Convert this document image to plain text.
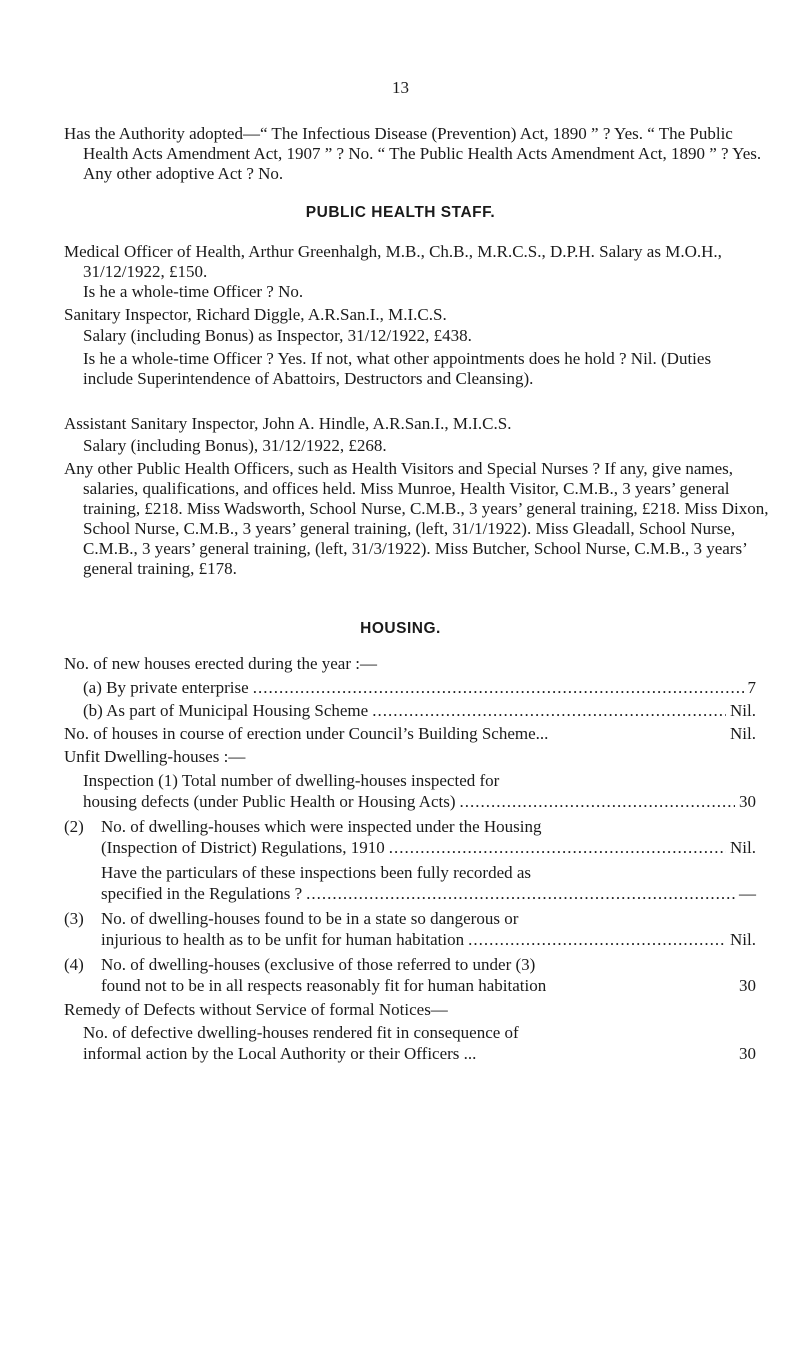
13
Has the Authority adopted—“ The Infectious Disease (Prevention) Act, 1890 ” ? Yes. “ The Public Health Acts Amendment Act, 1907 ” ? No. “ The Public Health Acts Amendment Act, 1890 ” ? Yes. Any other adoptive Act ? No.
PUBLIC HEALTH STAFF.
Medical Officer of Health, Arthur Greenhalgh, M.B., Ch.B., M.R.C.S., D.P.H. Salary as M.O.H., 31/12/1922, £150.
Is he a whole-time Officer ? No.
Sanitary Inspector, Richard Diggle, A.R.San.I., M.I.C.S.
Salary (including Bonus) as Inspector, 31/12/1922, £438.
Is he a whole-time Officer ? Yes. If not, what other appointments does he hold ? Nil. (Duties include Superintendence of Abattoirs, Destructors and Cleansing).
Assistant Sanitary Inspector, John A. Hindle, A.R.San.I., M.I.C.S.
Salary (including Bonus), 31/12/1922, £268.
Any other Public Health Officers, such as Health Visitors and Special Nurses ? If any, give names, salaries, qualifications, and offices held. Miss Munroe, Health Visitor, C.M.B., 3 years’ general training, £218. Miss Wadsworth, School Nurse, C.M.B., 3 years’ general training, £218. Miss Dixon, School Nurse, C.M.B., 3 years’ general training, (left, 31/1/1922). Miss Gleadall, School Nurse, C.M.B., 3 years’ general training, (left, 31/3/1922). Miss Butcher, School Nurse, C.M.B., 3 years’ general training, £178.
HOUSING.
No. of new houses erected during the year :—
(a) By private enterprise .....	7
(b) As part of Municipal Housing Scheme .....	Nil.
No. of houses in course of erection under Council’s Building Scheme...	Nil.
Unfit Dwelling-houses :—
Inspection (1) Total number of dwelling-houses inspected for
housing defects (under Public Health or Housing Acts) .....	30
(2) No. of dwelling-houses which were inspected under the Housing
(Inspection of District) Regulations, 1910 .....	Nil.
Have the particulars of these inspections been fully recorded as
specified in the Regulations ? .....	—
(3) No. of dwelling-houses found to be in a state so dangerous or
injurious to health as to be unfit for human habitation .....	Nil.
(4) No. of dwelling-houses (exclusive of those referred to under (3)
found not to be in all respects reasonably fit for human habitation	30
Remedy of Defects without Service of formal Notices—
No. of defective dwelling-houses rendered fit in consequence of
informal action by the Local Authority or their Officers ...	30
